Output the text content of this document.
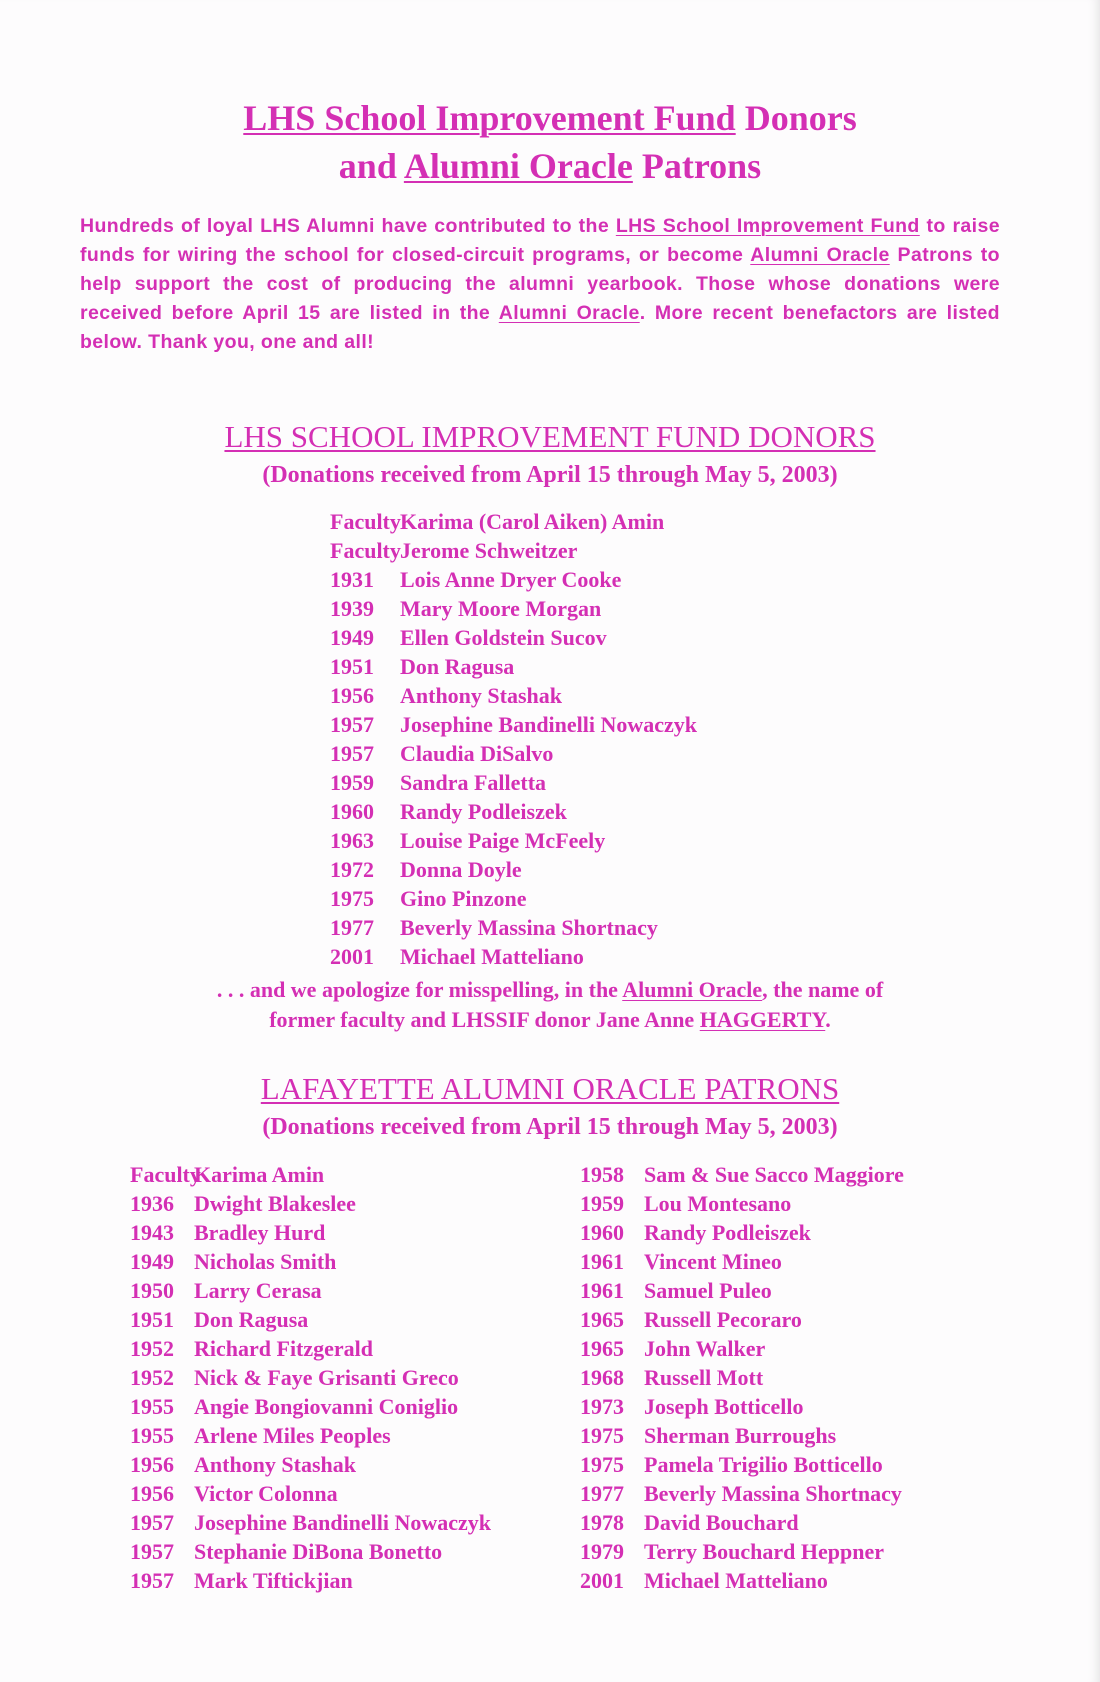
LHS School Improvement Fund Donors
and Alumni Oracle Patrons
Hundreds of loyal LHS Alumni have contributed to the LHS School Improvement Fund to raise funds for wiring the school for closed-circuit programs, or become Alumni Oracle Patrons to help support the cost of producing the alumni yearbook. Those whose donations were received before April 15 are listed in the Alumni Oracle. More recent benefactors are listed below. Thank you, one and all!
LHS SCHOOL IMPROVEMENT FUND DONORS
(Donations received from April 15 through May 5, 2003)
FacultyKarima (Carol Aiken) Amin
FacultyJerome Schweitzer
1931 Lois Anne Dryer Cooke
1939 Mary Moore Morgan
1949 Ellen Goldstein Sucov
1951 Don Ragusa
1956 Anthony Stashak
1957 Josephine Bandinelli Nowaczyk
1957 Claudia DiSalvo
1959 Sandra Falletta
1960 Randy Podleiszek
1963 Louise Paige McFeely
1972 Donna Doyle
1975 Gino Pinzone
1977 Beverly Massina Shortnacy
2001 Michael Matteliano
. . . and we apologize for misspelling, in the Alumni Oracle, the name of
former faculty and LHSSIF donor Jane Anne HAGGERTY.
LAFAYETTE ALUMNI ORACLE PATRONS
(Donations received from April 15 through May 5, 2003)
FacultyKarima Amin
1936 Dwight Blakeslee
1943 Bradley Hurd
1949 Nicholas Smith
1950 Larry Cerasa
1951 Don Ragusa
1952 Richard Fitzgerald
1952 Nick & Faye Grisanti Greco
1955 Angie Bongiovanni Coniglio
1955 Arlene Miles Peoples
1956 Anthony Stashak
1956 Victor Colonna
1957 Josephine Bandinelli Nowaczyk
1957 Stephanie DiBona Bonetto
1957 Mark Tiftickjian
1958 Sam & Sue Sacco Maggiore
1959 Lou Montesano
1960 Randy Podleiszek
1961 Vincent Mineo
1961 Samuel Puleo
1965 Russell Pecoraro
1965 John Walker
1968 Russell Mott
1973 Joseph Botticello
1975 Sherman Burroughs
1975 Pamela Trigilio Botticello
1977 Beverly Massina Shortnacy
1978 David Bouchard
1979 Terry Bouchard Heppner
2001 Michael Matteliano
